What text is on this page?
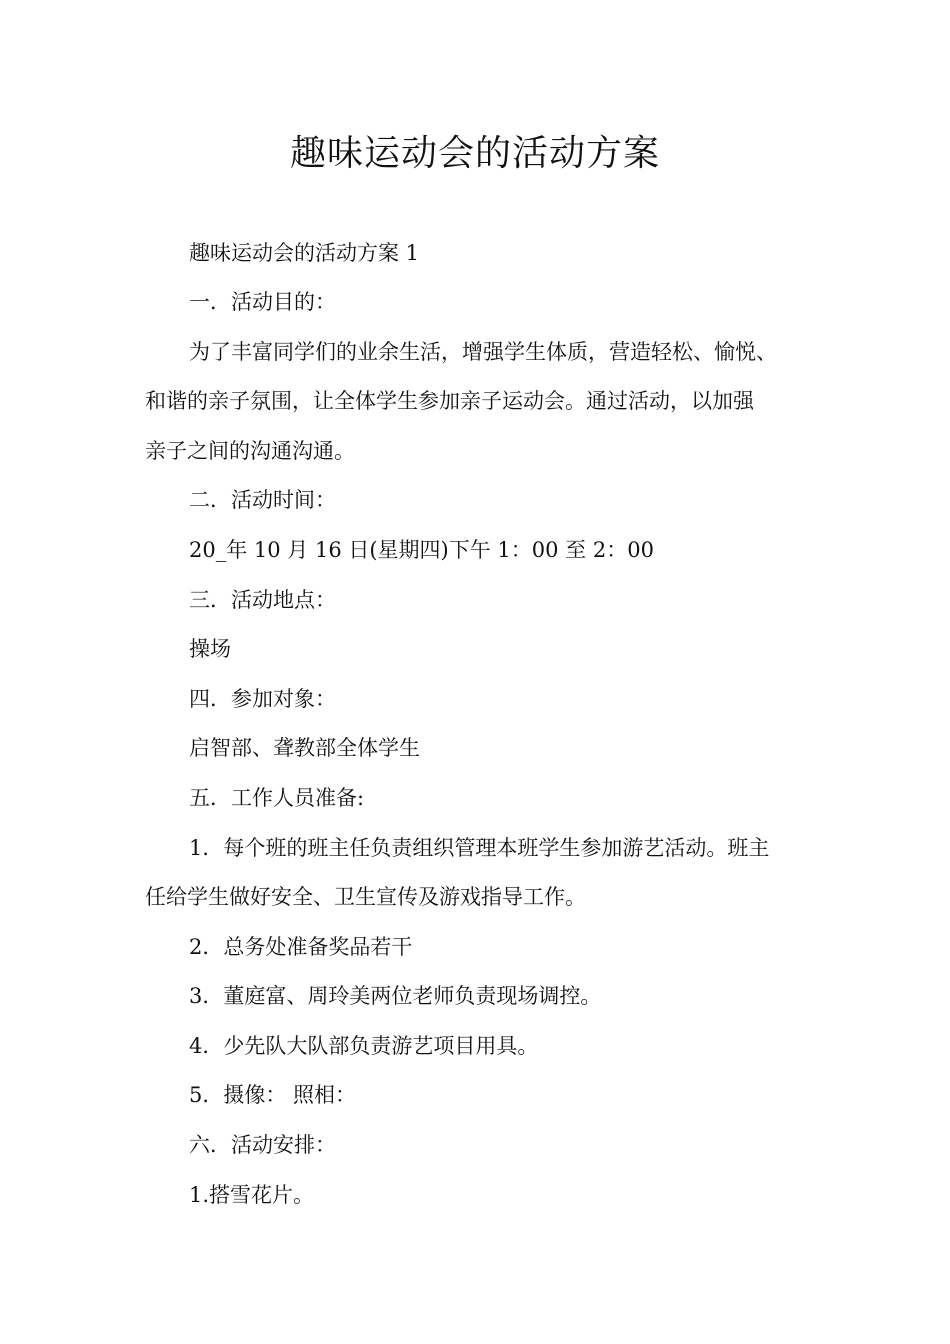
趣味运动会的活动方案

趣味运动会的活动方案 1

一．活动目的：

为了丰富同学们的业余生活，增强学生体质，营造轻松、愉悦、

和谐的亲子氛围，让全体学生参加亲子运动会。通过活动，以加强

亲子之间的沟通沟通。

二．活动时间：

20_年 10 月 16 日(星期四)下午 1：00 至 2：00

三．活动地点：

操场

四．参加对象：

启智部、聋教部全体学生

五．工作人员准备:

1．每个班的班主任负责组织管理本班学生参加游艺活动。班主

任给学生做好安全、卫生宣传及游戏指导工作。

2．总务处准备奖品若干

3．董庭富、周玲美两位老师负责现场调控。

4．少先队大队部负责游艺项目用具。

5．摄像： 照相：

六．活动安排：

1.搭雪花片。
